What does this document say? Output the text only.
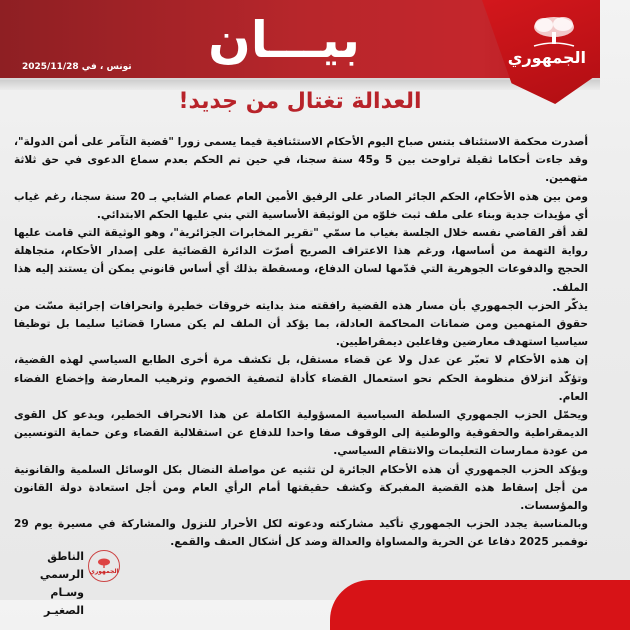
الجمهوري
بيـــان
تونس ، في 2025/11/28
العدالة تغتال من جديد!

أصدرت محكمة الاستئناف بتنس صباح اليوم الأحكام الاستئنافية فيما يسمى زورا "قضية التآمر على أمن الدولة"، وقد جاءت أحكاما ثقيلة تراوحت بين 5 و45 سنة سجنا، في حين تم الحكم بعدم سماع الدعوى في حق ثلاثة متهمين.

ومن بين هذه الأحكام، الحكم الجائر الصادر على الرفيق الأمين العام عصام الشابي بـ 20 سنة سجنا، رغم غياب أي مؤيدات جدية وبناء على ملف ثبت خلوّه من الوثيقة الأساسية التي بني عليها الحكم الابتدائي.

لقد أقر القاضي نفسه خلال الجلسة بغياب ما سمّي "تقرير المخابرات الجزائرية"، وهو الوثيقة التي قامت عليها رواية التهمة من أساسها، ورغم هذا الاعتراف الصريح أصرّت الدائرة القضائية على إصدار الأحكام، متجاهلة الحجج والدفوعات الجوهرية التي قدّمها لسان الدفاع، ومسقطة بذلك أي أساس قانوني يمكن أن يستند إليه هذا الملف.

يذكّر الحزب الجمهوري بأن مسار هذه القضية رافقته منذ بدايته خروقات خطيرة وانحرافات إجرائية مسّت من حقوق المتهمين ومن ضمانات المحاكمة العادلة، بما يؤكد أن الملف لم يكن مسارا قضائيا سليما بل توظيفا سياسيا استهدف معارضين وفاعلين ديمقراطيين.

إن هذه الأحكام لا تعبّر عن عدل ولا عن قضاء مستقل، بل تكشف مرة أخرى الطابع السياسي لهذه القضية، وتؤكّد انزلاق منظومة الحكم نحو استعمال القضاء كأداة لتصفية الخصوم وترهيب المعارضة وإخضاع الفضاء العام.

ويحمّل الحزب الجمهوري السلطة السياسية المسؤولية الكاملة عن هذا الانحراف الخطير، ويدعو كل القوى الديمقراطية والحقوقية والوطنية إلى الوقوف صفا واحدا للدفاع عن استقلالية القضاء وعن حماية التونسيين من عودة ممارسات التعليمات والانتقام السياسي.

ويؤكد الحزب الجمهوري أن هذه الأحكام الجائرة لن تثنيه عن مواصلة النضال بكل الوسائل السلمية والقانونية من أجل إسقاط هذه القضية المفبركة وكشف حقيقتها أمام الرأي العام ومن أجل استعادة دولة القانون والمؤسسات.

وبالمناسبة يجدد الحزب الجمهوري تأكيد مشاركته ودعوته لكل الأحرار للنزول والمشاركة في مسيرة يوم 29 نوفمبر 2025 دفاعا عن الحرية والمساواة والعدالة وضد كل أشكال العنف والقمع.

الناطق الرسمي
وسـام الصغيـر
الجمهوري
